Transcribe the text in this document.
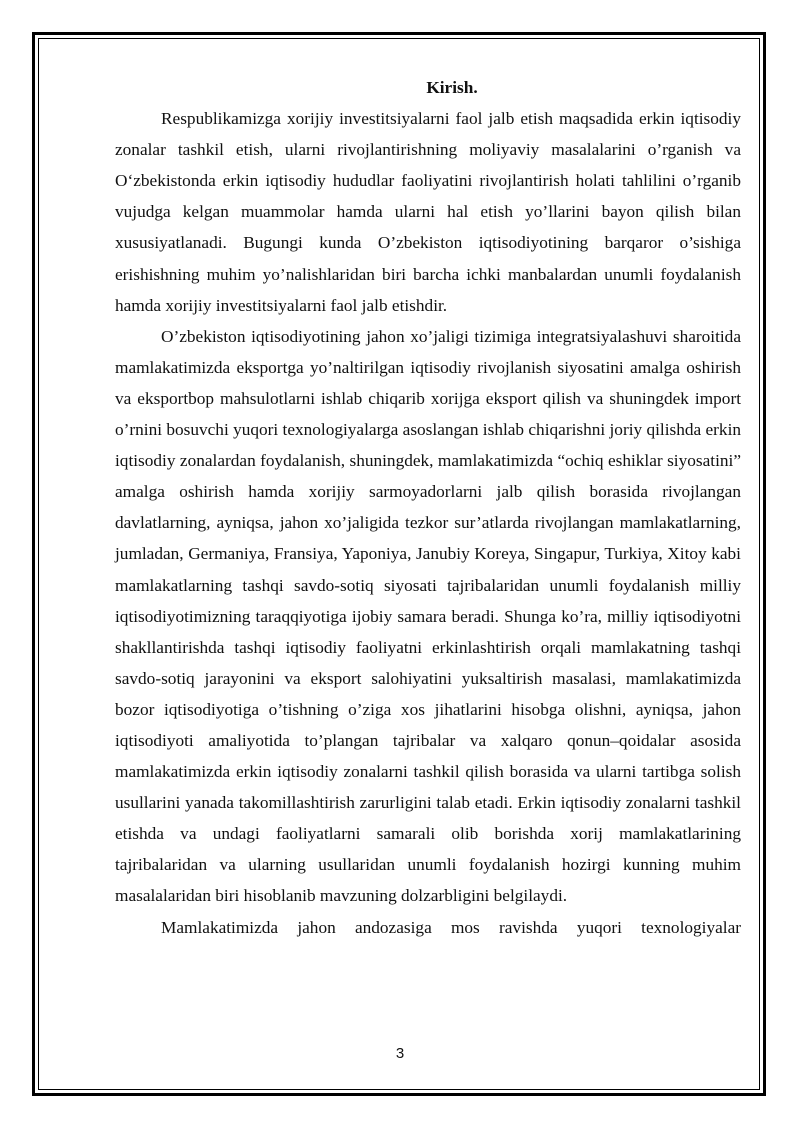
Kirish.

Respublikamizga xorijiy investitsiyalarni faol jalb etish maqsadida erkin iqtisodiy zonalar tashkil etish, ularni rivojlantirishning moliyaviy masalalarini o’rganish va O‘zbekistonda erkin iqtisodiy hududlar faoliyatini rivojlantirish holati tahlilini o’rganib vujudga kelgan muammolar hamda ularni hal etish yo’llarini bayon qilish bilan xususiyatlanadi. Bugungi kunda O’zbekiston iqtisodiyotining barqaror o’sishiga erishishning muhim yo’nalishlaridan biri barcha ichki manbalardan unumli foydalanish hamda xorijiy investitsiyalarni faol jalb etishdir.

O’zbekiston iqtisodiyotining jahon xo’jaligi tizimiga integratsiyalashuvi sharoitida mamlakatimizda eksportga yo’naltirilgan iqtisodiy rivojlanish siyosatini amalga oshirish va eksportbop mahsulotlarni ishlab chiqarib xorijga eksport qilish va shuningdek import o’rnini bosuvchi yuqori texnologiyalarga asoslangan ishlab chiqarishni joriy qilishda erkin iqtisodiy zonalardan foydalanish, shuningdek, mamlakatimizda “ochiq eshiklar siyosatini” amalga oshirish hamda xorijiy sarmoyadorlarni jalb qilish borasida rivojlangan davlatlarning, ayniqsa, jahon xo’jaligida tezkor sur’atlarda rivojlangan mamlakatlarning, jumladan, Germaniya, Fransiya, Yaponiya, Janubiy Koreya, Singapur, Turkiya, Xitoy kabi mamlakatlarning tashqi savdo-sotiq siyosati tajribalaridan unumli foydalanish milliy iqtisodiyotimizning taraqqiyotiga ijobiy samara beradi. Shunga ko’ra, milliy iqtisodiyotni shakllantirishda tashqi iqtisodiy faoliyatni erkinlashtirish orqali mamlakatning tashqi savdo-sotiq jarayonini va eksport salohiyatini yuksaltirish masalasi, mamlakatimizda bozor iqtisodiyotiga o’tishning o’ziga xos jihatlarini hisobga olishni, ayniqsa, jahon iqtisodiyoti amaliyotida to’plangan tajribalar va xalqaro qonun–qoidalar asosida mamlakatimizda erkin iqtisodiy zonalarni tashkil qilish borasida va ularni tartibga solish usullarini yanada takomillashtirish zarurligini talab etadi. Erkin iqtisodiy zonalarni tashkil etishda va undagi faoliyatlarni samarali olib borishda xorij mamlakatlarining tajribalaridan va ularning usullaridan unumli foydalanish hozirgi kunning muhim masalalaridan biri hisoblanib mavzuning dolzarbligini belgilaydi.

Mamlakatimizda jahon andozasiga mos ravishda yuqori texnologiyalar

3
